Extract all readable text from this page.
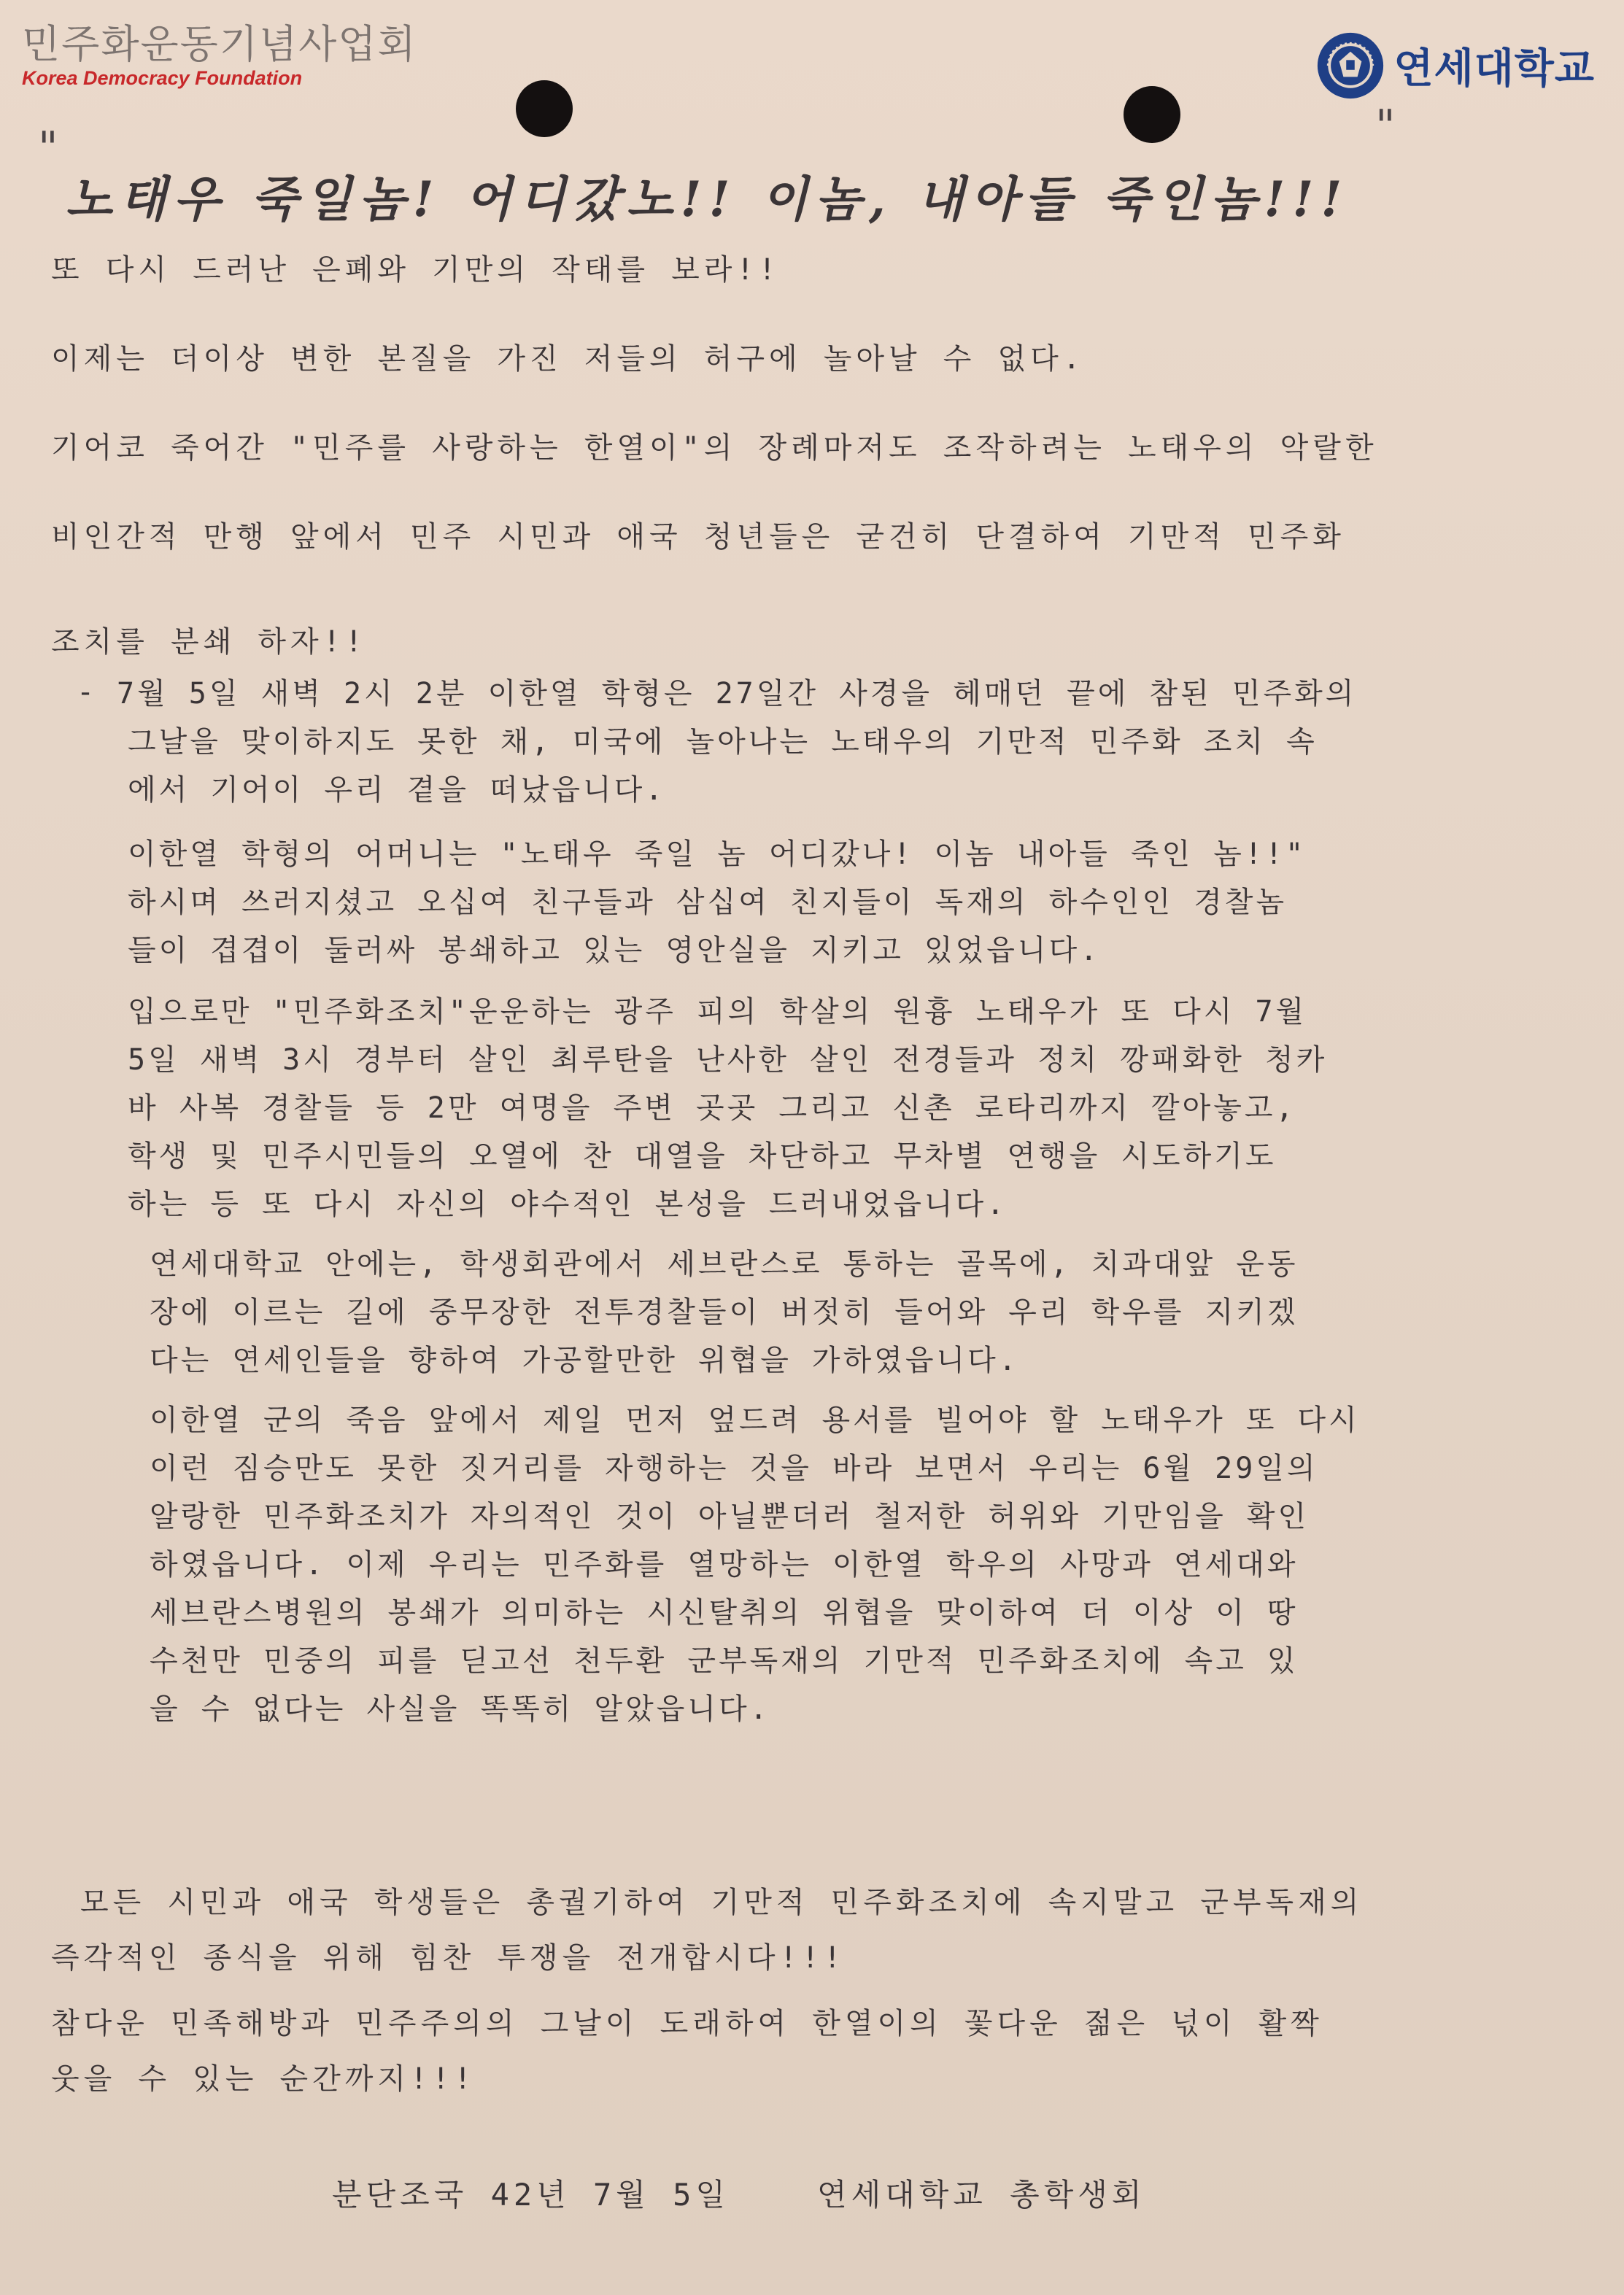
민주화운동기념사업회
Korea Democracy Foundation	연세대학교
"
노태우 죽일놈! 어디갔노!! 이놈, 내아들 죽인놈!!!
"
또 다시 드러난 은폐와 기만의 작태를 보라!!
이제는 더이상 변한 본질을 가진 저들의 허구에 놀아날 수 없다.
기어코 죽어간 "민주를 사랑하는 한열이"의 장례마저도 조작하려는 노태우의 악랄한
비인간적 만행 앞에서 민주 시민과 애국 청년들은 굳건히 단결하여 기만적 민주화
조치를 분쇄 하자!!
- 7월 5일 새벽 2시 2분 이한열 학형은 27일간 사경을 헤매던 끝에 참된 민주화의
그날을 맞이하지도 못한 채, 미국에 놀아나는 노태우의 기만적 민주화 조치 속
에서 기어이 우리 곁을 떠났읍니다.
이한열 학형의 어머니는 "노태우 죽일 놈 어디갔나! 이놈 내아들 죽인 놈!!"
하시며 쓰러지셨고 오십여 친구들과 삼십여 친지들이 독재의 하수인인 경찰놈
들이 겹겹이 둘러싸 봉쇄하고 있는 영안실을 지키고 있었읍니다.
입으로만 "민주화조치"운운하는 광주 피의 학살의 원흉 노태우가 또 다시 7월
5일 새벽 3시 경부터 살인 최루탄을 난사한 살인 전경들과 정치 깡패화한 청카
바 사복 경찰들 등 2만 여명을 주변 곳곳 그리고 신촌 로타리까지 깔아놓고,
학생 및 민주시민들의 오열에 찬 대열을 차단하고 무차별 연행을 시도하기도
하는 등 또 다시 자신의 야수적인 본성을 드러내었읍니다.
연세대학교 안에는, 학생회관에서 세브란스로 통하는 골목에, 치과대앞 운동
장에 이르는 길에 중무장한 전투경찰들이 버젓히 들어와 우리 학우를 지키겠
다는 연세인들을 향하여 가공할만한 위협을 가하였읍니다.
이한열 군의 죽음 앞에서 제일 먼저 엎드려 용서를 빌어야 할 노태우가 또 다시
이런 짐승만도 못한 짓거리를 자행하는 것을 바라 보면서 우리는 6월 29일의
알랑한 민주화조치가 자의적인 것이 아닐뿐더러 철저한 허위와 기만임을 확인
하였읍니다. 이제 우리는 민주화를 열망하는 이한열 학우의 사망과 연세대와
세브란스병원의 봉쇄가 의미하는 시신탈취의 위협을 맞이하여 더 이상 이 땅
수천만 민중의 피를 딛고선 천두환 군부독재의 기만적 민주화조치에 속고 있
을 수 없다는 사실을 똑똑히 알았읍니다.
모든 시민과 애국 학생들은 총궐기하여 기만적 민주화조치에 속지말고 군부독재의
즉각적인 종식을 위해 힘찬 투쟁을 전개합시다!!!
참다운 민족해방과 민주주의의 그날이 도래하여 한열이의 꽃다운 젊은 넋이 활짝
웃을 수 있는 순간까지!!!
분단조국 42년 7월 5일	연세대학교 총학생회
